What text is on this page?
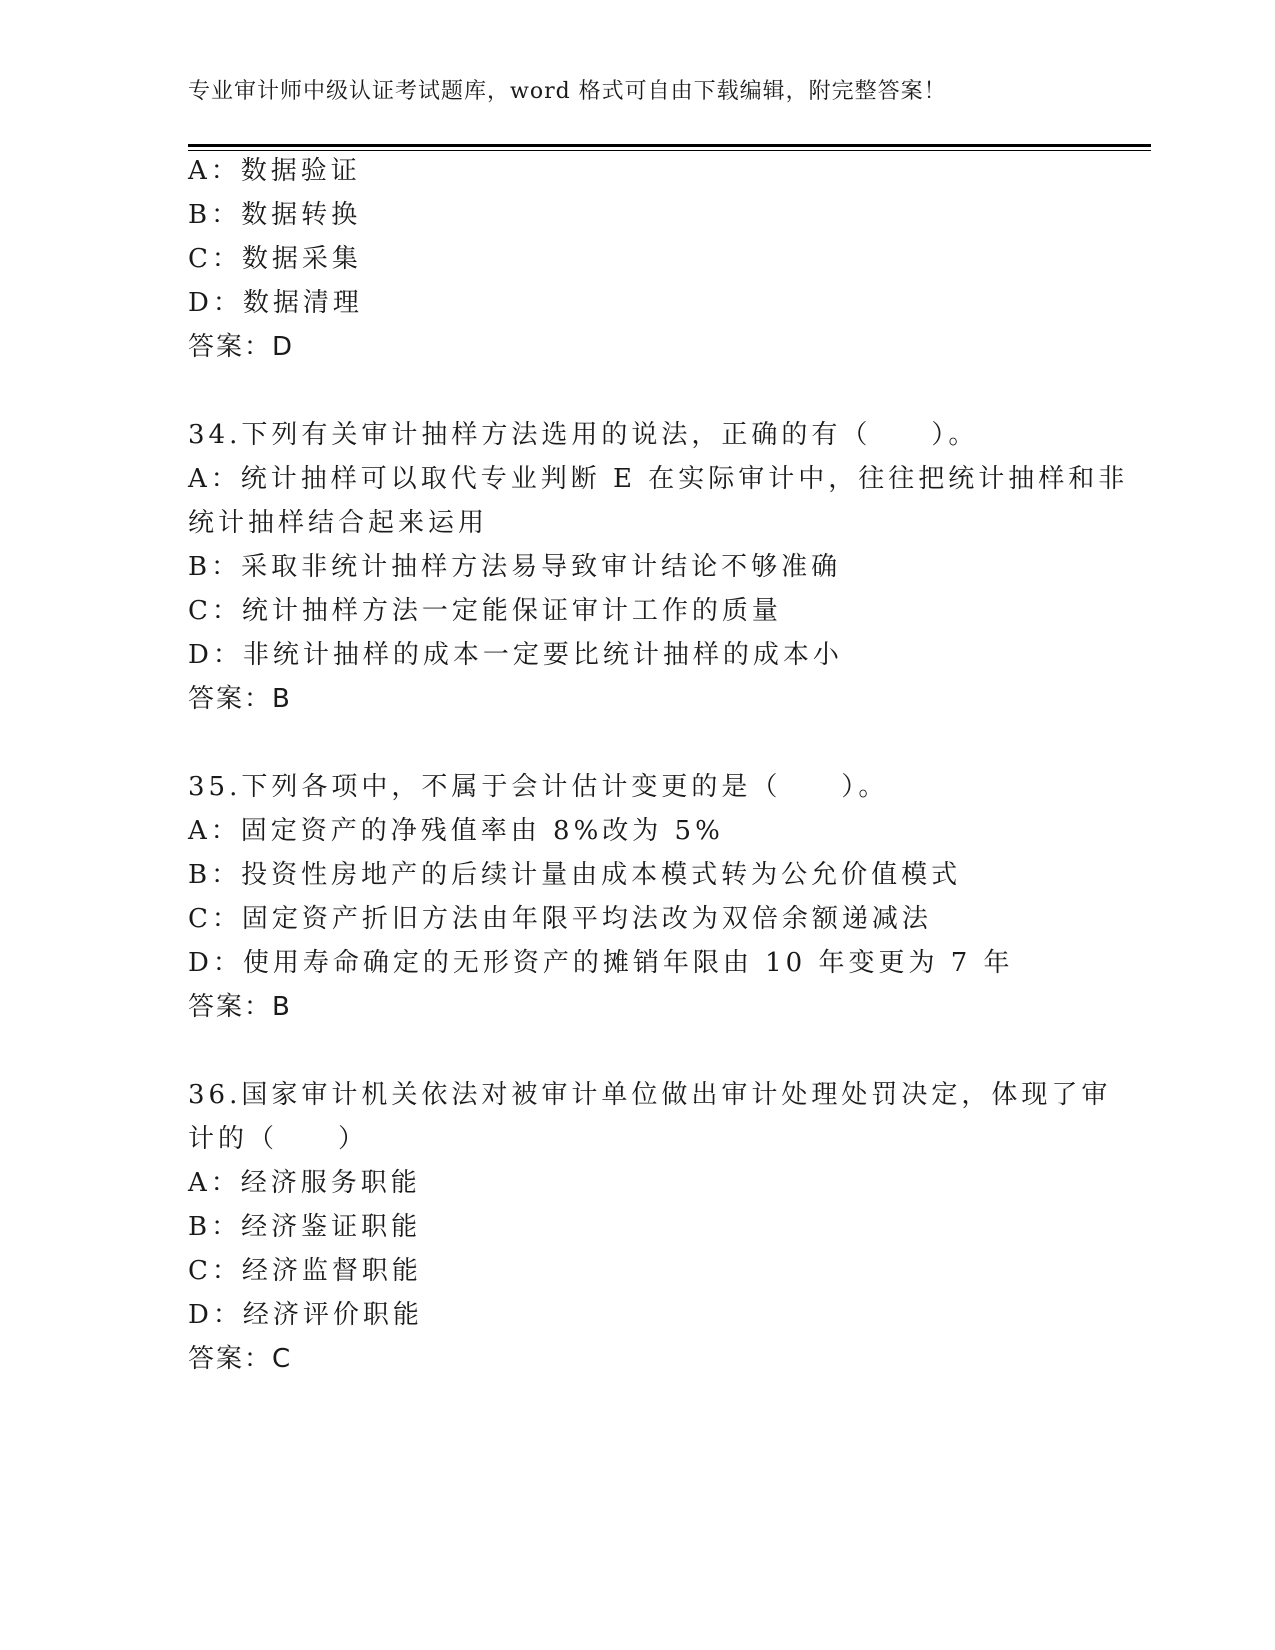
专业审计师中级认证考试题库，word 格式可自由下载编辑，附完整答案！
A：数据验证
B：数据转换
C：数据采集
D：数据清理
答案：D
34.下列有关审计抽样方法选用的说法，正确的有（　　）。
A：统计抽样可以取代专业判断 E 在实际审计中，往往把统计抽样和非
统计抽样结合起来运用
B：采取非统计抽样方法易导致审计结论不够准确
C：统计抽样方法一定能保证审计工作的质量
D：非统计抽样的成本一定要比统计抽样的成本小
答案：B
35.下列各项中，不属于会计估计变更的是（　　）。
A：固定资产的净残值率由 8%改为 5%
B：投资性房地产的后续计量由成本模式转为公允价值模式
C：固定资产折旧方法由年限平均法改为双倍余额递减法
D：使用寿命确定的无形资产的摊销年限由 10 年变更为 7 年
答案：B
36.国家审计机关依法对被审计单位做出审计处理处罚决定，体现了审
计的（　　）
A：经济服务职能
B：经济鉴证职能
C：经济监督职能
D：经济评价职能
答案：C
